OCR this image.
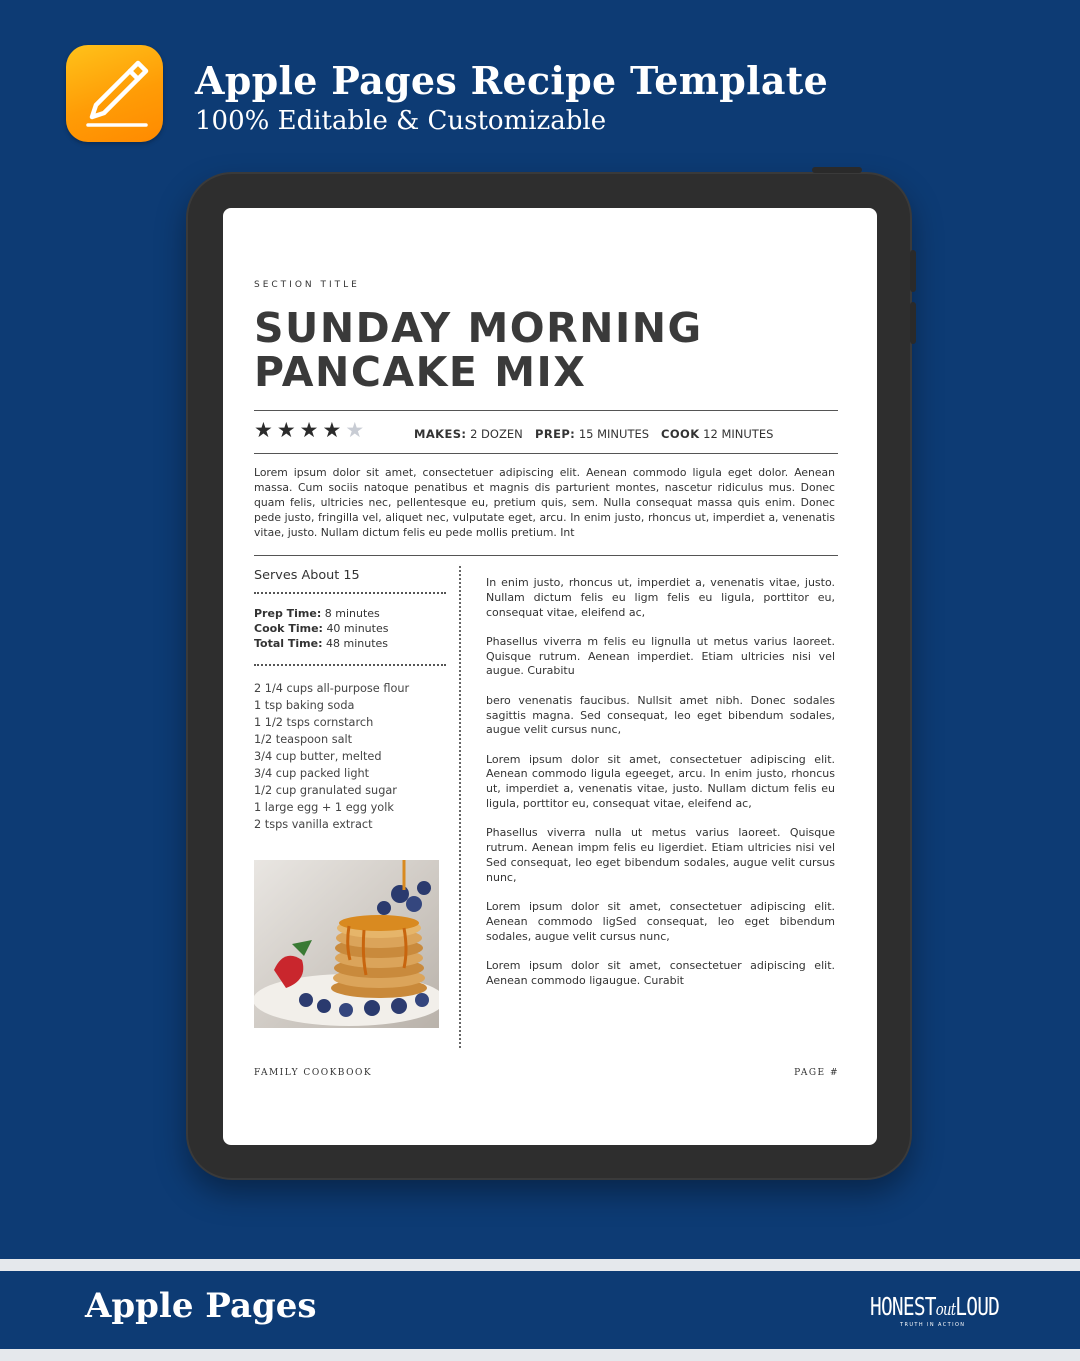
Apple Pages Recipe Template
100% Editable & Customizable
SECTION TITLE
SUNDAY MORNING
PANCAKE MIX
★ ★ ★ ★ ★	MAKES: 2 DOZEN PREP: 15 MINUTES COOK 12 MINUTES

Lorem ipsum dolor sit amet, consectetuer adipiscing elit. Aenean commodo ligula eget dolor. Aenean massa. Cum sociis natoque penatibus et magnis dis parturient montes, nascetur ridiculus mus. Donec quam felis, ultricies nec, pellentesque eu, pretium quis, sem. Nulla consequat massa quis enim. Donec pede justo, fringilla vel, aliquet nec, vulputate eget, arcu. In enim justo, rhoncus ut, imperdiet a, venenatis vitae, justo. Nullam dictum felis eu pede mollis pretium. Int

Serves About 15
Prep Time: 8 minutes
Cook Time: 40 minutes
Total Time: 48 minutes
2 1/4 cups all-purpose flour
1 tsp baking soda
1 1/2 tsps cornstarch
1/2 teaspoon salt
3/4 cup butter, melted
3/4 cup packed light
1/2 cup granulated sugar
1 large egg + 1 egg yolk
2 tsps vanilla extract

In enim justo, rhoncus ut, imperdiet a, venenatis vitae, justo. Nullam dictum felis eu ligm felis eu ligula, porttitor eu, consequat vitae, eleifend ac,

Phasellus viverra m felis eu lignulla ut metus varius laoreet. Quisque rutrum. Aenean imperdiet. Etiam ultricies nisi vel augue. Curabitu

bero venenatis faucibus. Nullsit amet nibh. Donec sodales sagittis magna. Sed consequat, leo eget bibendum sodales, augue velit cursus nunc,

Lorem ipsum dolor sit amet, consectetuer adipiscing elit. Aenean commodo ligula egeeget, arcu. In enim justo, rhoncus ut, imperdiet a, venenatis vitae, justo. Nullam dictum felis eu ligula, porttitor eu, consequat vitae, eleifend ac,

Phasellus viverra nulla ut metus varius laoreet. Quisque rutrum. Aenean impm felis eu ligerdiet. Etiam ultricies nisi vel Sed consequat, leo eget bibendum sodales, augue velit cursus nunc,

Lorem ipsum dolor sit amet, consectetuer adipiscing elit. Aenean commodo ligSed consequat, leo eget bibendum sodales, augue velit cursus nunc,

Lorem ipsum dolor sit amet, consectetuer adipiscing elit. Aenean commodo ligaugue. Curabit

FAMILY COOKBOOK	PAGE #
Apple Pages	HONESToutLOUD
TRUTH IN ACTION
